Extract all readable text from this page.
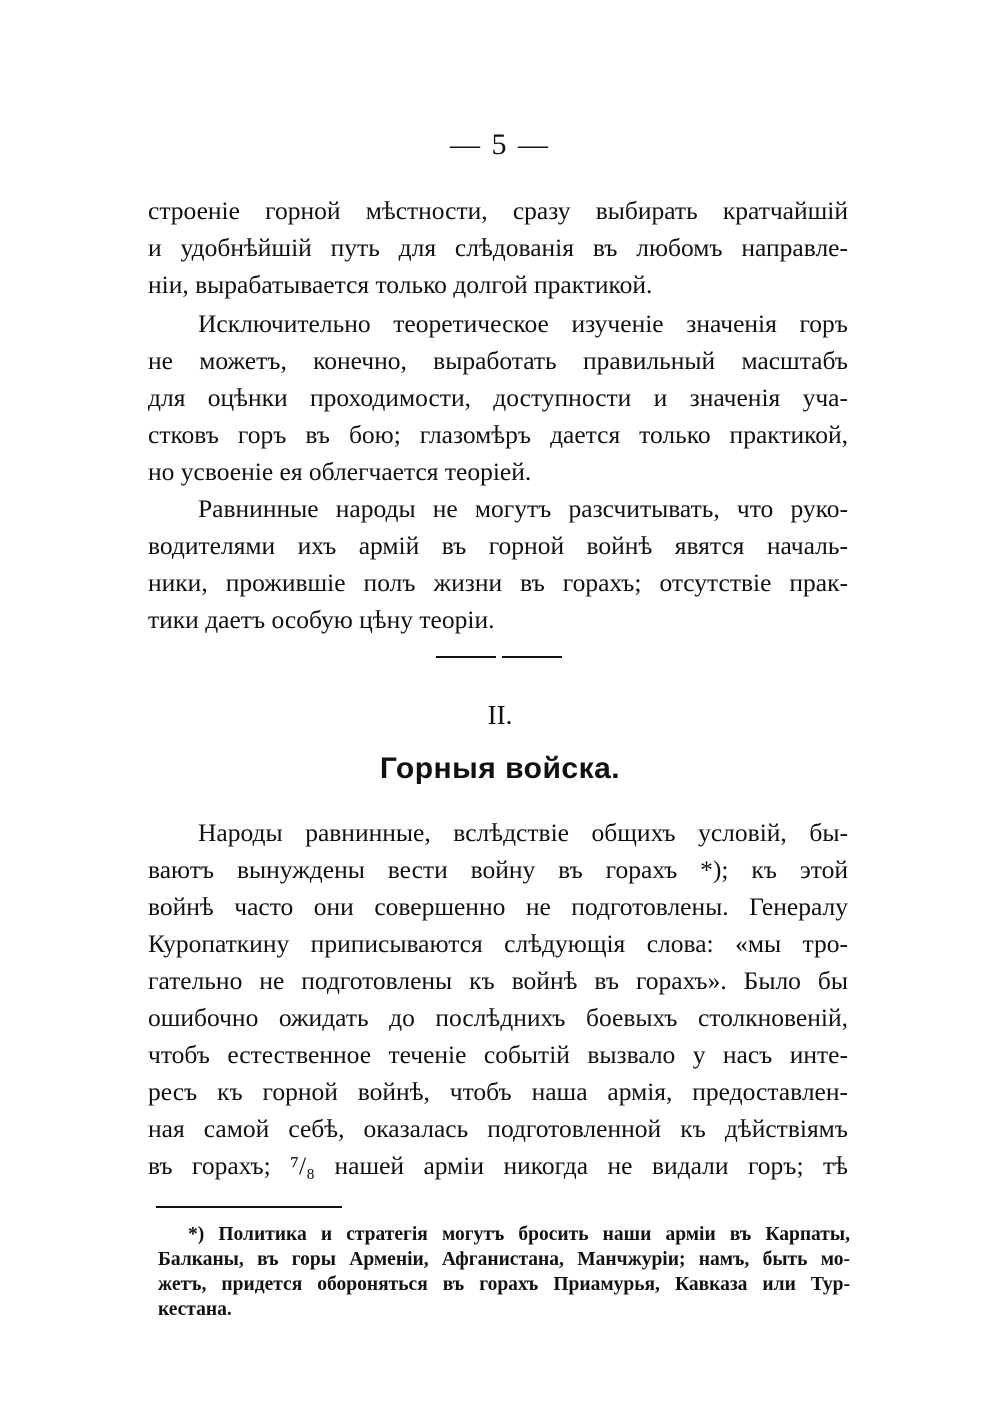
— 5 —

строеніе горной мѣстности, сразу выбирать кратчайшій

и удобнѣйшій путь для слѣдованія въ любомъ направле-

ніи, вырабатывается только долгой практикой.

Исключительно теоретическое изученіе значенія горъ

не можетъ, конечно, выработать правильный масштабъ

для оцѣнки проходимости, доступности и значенія уча-

стковъ горъ въ бою; глазомѣръ дается только практикой,

но усвоеніе ея облегчается теоріей.

Равнинные народы не могутъ разсчитывать, что руко-

водителями ихъ армій въ горной войнѣ явятся началь-

ники, прожившіе полъ жизни въ горахъ; отсутствіе прак-

тики даетъ особую цѣну теоріи.

II.
Горныя войска.

Народы равнинные, вслѣдствіе общихъ условій, бы-

ваютъ вынуждены вести войну въ горахъ *); къ этой

войнѣ часто они совершенно не подготовлены. Генералу

Куропаткину приписываются слѣдующія слова: «мы тро-

гательно не подготовлены къ войнѣ въ горахъ». Было бы

ошибочно ожидать до послѣднихъ боевыхъ столкновеній,

чтобъ естественное теченіе событій вызвало у насъ инте-

ресъ къ горной войнѣ, чтобъ наша армія, предоставлен-

ная самой себѣ, оказалась подготовленной къ дѣйствіямъ

въ горахъ; ⁷/₈ нашей арміи никогда не видали горъ; тѣ

*) Политика и стратегія могутъ бросить наши арміи въ Карпаты,

Балканы, въ горы Арменіи, Афганистана, Манчжуріи; намъ, быть мо-

жетъ, придется обороняться въ горахъ Приамурья, Кавказа или Тур-

кестана.
